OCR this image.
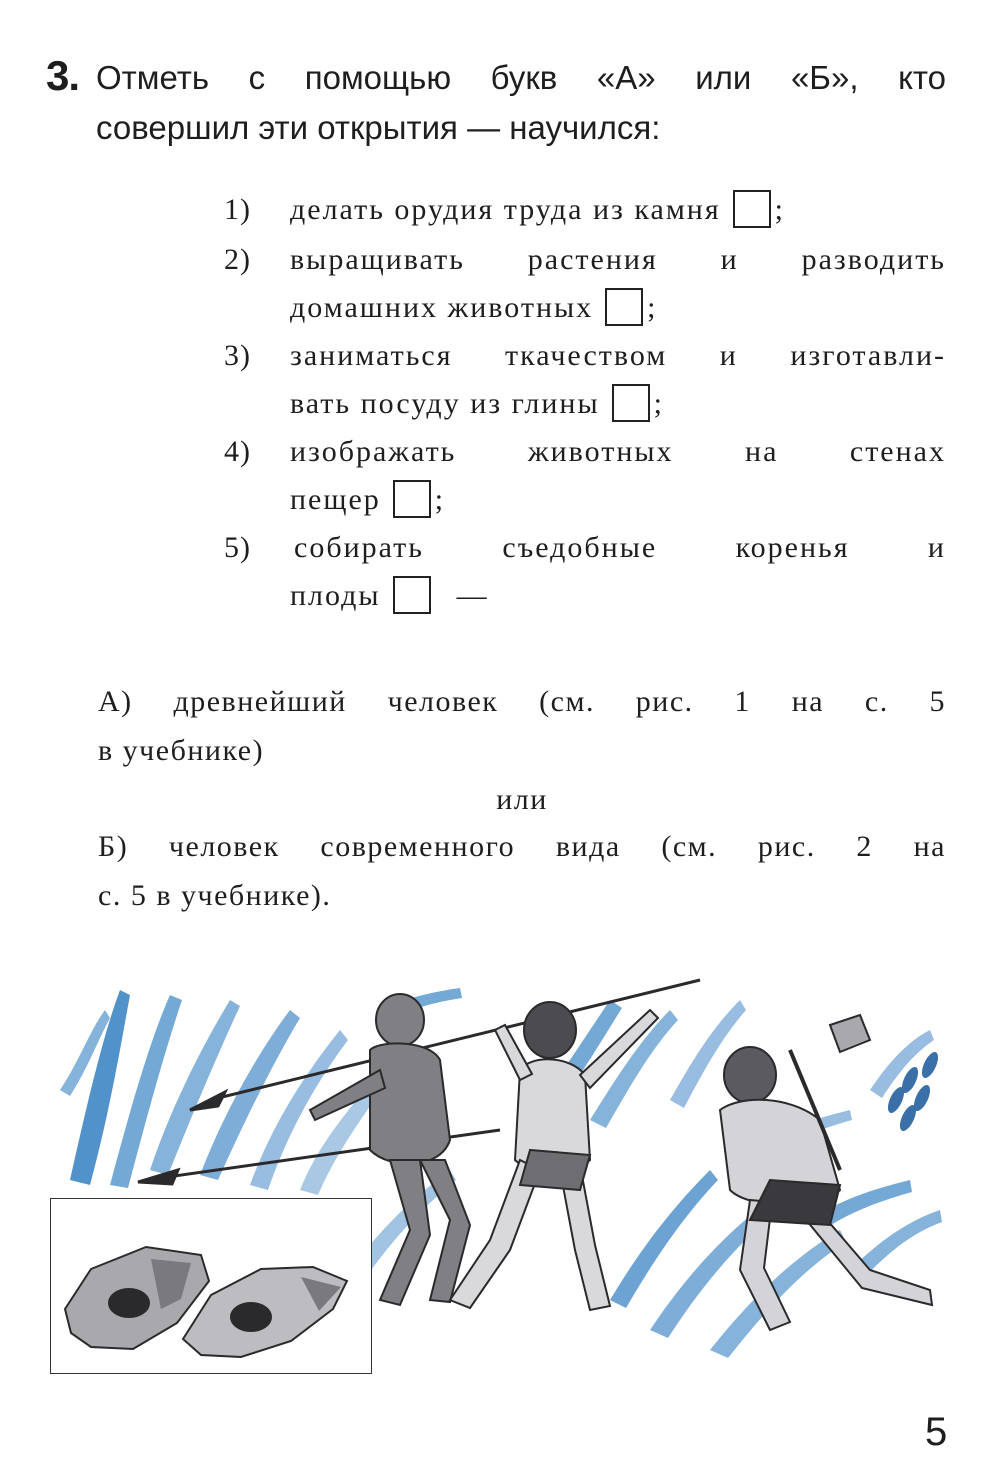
3. Отметь с помощью букв «А» или «Б», кто
совершил эти открытия — научился:
1)	делать орудия труда из камня ;
2)	выращивать растения и разводить
домашних животных ;
3)	заниматься ткачеством и изготавли-
вать посуду из глины ;
4)	изображать животных на стенах
пещер ;
5)	собирать съедобные коренья и
плоды	—
А) древнейший человек (см. рис. 1 на с. 5
в учебнике)
или
Б) человек современного вида (см. рис. 2 на
с. 5 в учебнике).
5
